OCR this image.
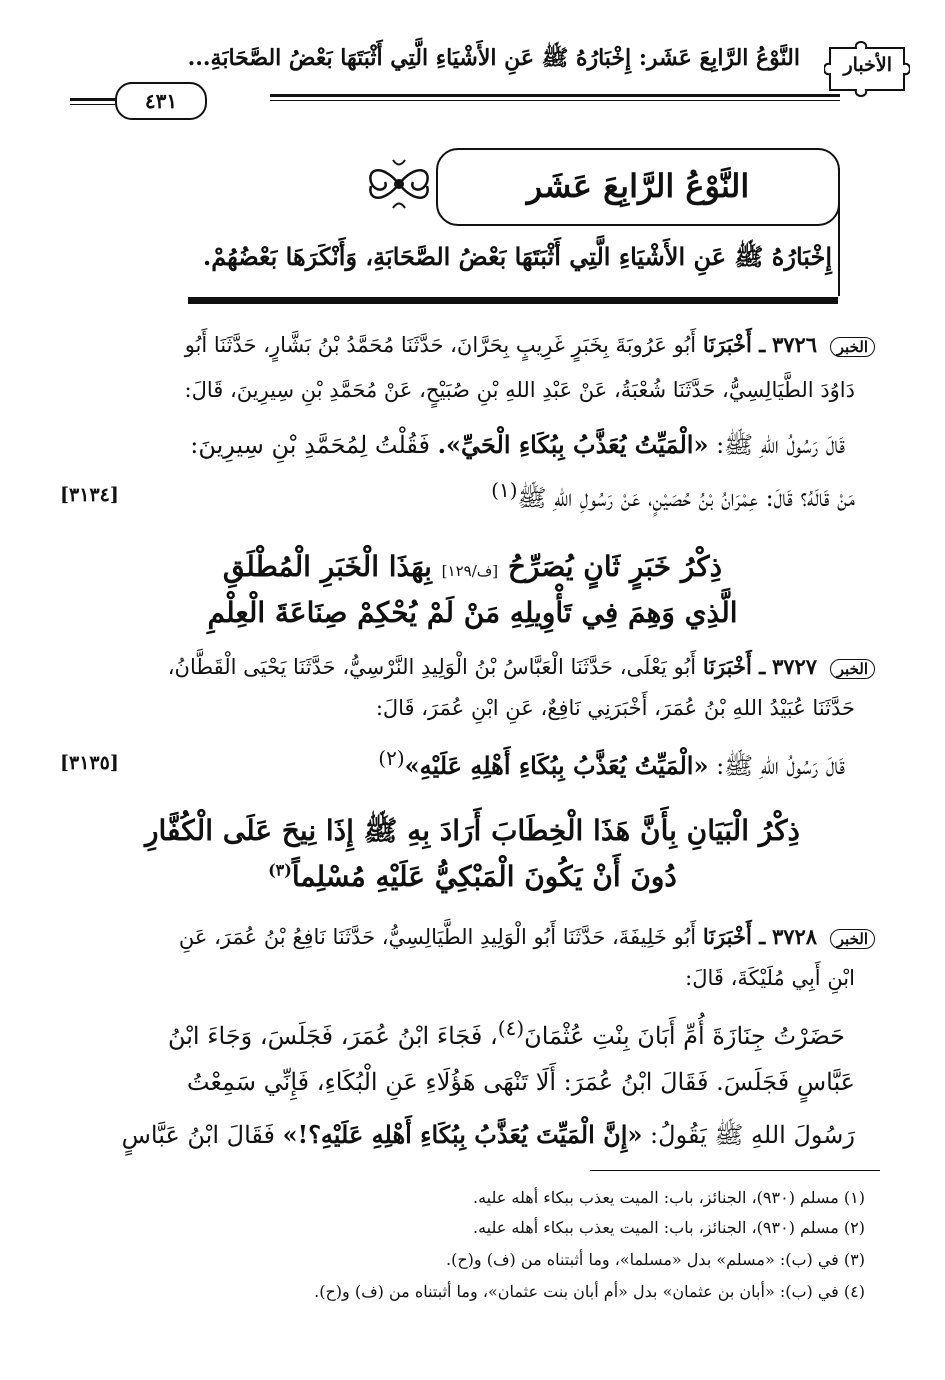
الأخبار
النَّوْعُ الرَّابِعَ عَشَر: إِخْبَارُهُ ﷺ عَنِ الأَشْيَاءِ الَّتِي أَثْبَتَهَا بَعْضُ الصَّحَابَةِ...
٤٣١
النَّوْعُ الرَّابِعَ عَشَر
إِخْبَارُهُ ﷺ عَنِ الأَشْيَاءِ الَّتِي أَثْبَتَهَا بَعْضُ الصَّحَابَةِ، وَأَنْكَرَهَا بَعْضُهُمْ.
الخبر ٣٧٢٦ ـ أَخْبَرَنَا أَبُو عَرُوبَةَ بِخَبَرٍ غَرِيبٍ بِحَرَّانَ، حَدَّثَنَا مُحَمَّدُ بْنُ بَشَّارٍ، حَدَّثَنَا أَبُو
دَاوُدَ الطَّيَالِسِيُّ، حَدَّثَنَا شُعْبَةُ، عَنْ عَبْدِ اللهِ بْنِ صُبَيْحٍ، عَنْ مُحَمَّدِ بْنِ سِيرِينَ، قَالَ:
قَالَ رَسُولُ اللهِ ﷺ: «الْمَيِّتُ يُعَذَّبُ بِبُكَاءِ الْحَيِّ». فَقُلْتُ لِمُحَمَّدِ بْنِ سِيرِينَ:
مَنْ قَالَهُ؟ قَالَ: عِمْرَانُ بْنُ حُصَيْنٍ، عَنْ رَسُولِ اللهِ ﷺ$^{(١)}$
[٣١٣٤]
ذِكْرُ خَبَرٍ ثَانٍ يُصَرِّحُ [ف/١٢٩] بِهَذَا الْخَبَرِ الْمُطْلَقِ
الَّذِي وَهِمَ فِي تَأْوِيلِهِ مَنْ لَمْ يُحْكِمْ صِنَاعَةَ الْعِلْمِ
الخبر ٣٧٢٧ ـ أَخْبَرَنَا أَبُو يَعْلَى، حَدَّثَنَا الْعَبَّاسُ بْنُ الْوَلِيدِ النَّرْسِيُّ، حَدَّثَنَا يَحْيَى الْقَطَّانُ،
حَدَّثَنَا عُبَيْدُ اللهِ بْنُ عُمَرَ، أَخْبَرَنِي نَافِعٌ، عَنِ ابْنِ عُمَرَ، قَالَ:
قَالَ رَسُولُ اللهِ ﷺ: «الْمَيِّتُ يُعَذَّبُ بِبُكَاءِ أَهْلِهِ عَلَيْهِ»$^{(٢)}$
[٣١٣٥]
ذِكْرُ الْبَيَانِ بِأَنَّ هَذَا الْخِطَابَ أَرَادَ بِهِ ﷺ إِذَا نِيحَ عَلَى الْكُفَّارِ
دُونَ أَنْ يَكُونَ الْمَبْكِيُّ عَلَيْهِ مُسْلِماً$^{(٣)}$
الخبر ٣٧٢٨ ـ أَخْبَرَنَا أَبُو خَلِيفَةَ، حَدَّثَنَا أَبُو الْوَلِيدِ الطَّيَالِسِيُّ، حَدَّثَنَا نَافِعُ بْنُ عُمَرَ، عَنِ
ابْنِ أَبِي مُلَيْكَةَ، قَالَ:
حَضَرْتُ جِنَازَةَ أُمِّ أَبَانَ بِنْتِ عُثْمَانَ$^{(٤)}$، فَجَاءَ ابْنُ عُمَرَ، فَجَلَسَ، وَجَاءَ ابْنُ
عَبَّاسٍ فَجَلَسَ. فَقَالَ ابْنُ عُمَرَ: أَلَا تَنْهَى هَؤُلَاءِ عَنِ الْبُكَاءِ، فَإِنِّي سَمِعْتُ
رَسُولَ اللهِ ﷺ يَقُولُ: «إِنَّ الْمَيِّتَ يُعَذَّبُ بِبُكَاءِ أَهْلِهِ عَلَيْهِ؟!» فَقَالَ ابْنُ عَبَّاسٍ
(١) مسلم (٩٣٠)، الجنائز، باب: الميت يعذب ببكاء أهله عليه.
(٢) مسلم (٩٣٠)، الجنائز، باب: الميت يعذب ببكاء أهله عليه.
(٣) في (ب): «مسلم» بدل «مسلما»، وما أثبتناه من (ف) و(ح).
(٤) في (ب): «أبان بن عثمان» بدل «أم أبان بنت عثمان»، وما أثبتناه من (ف) و(ح).
